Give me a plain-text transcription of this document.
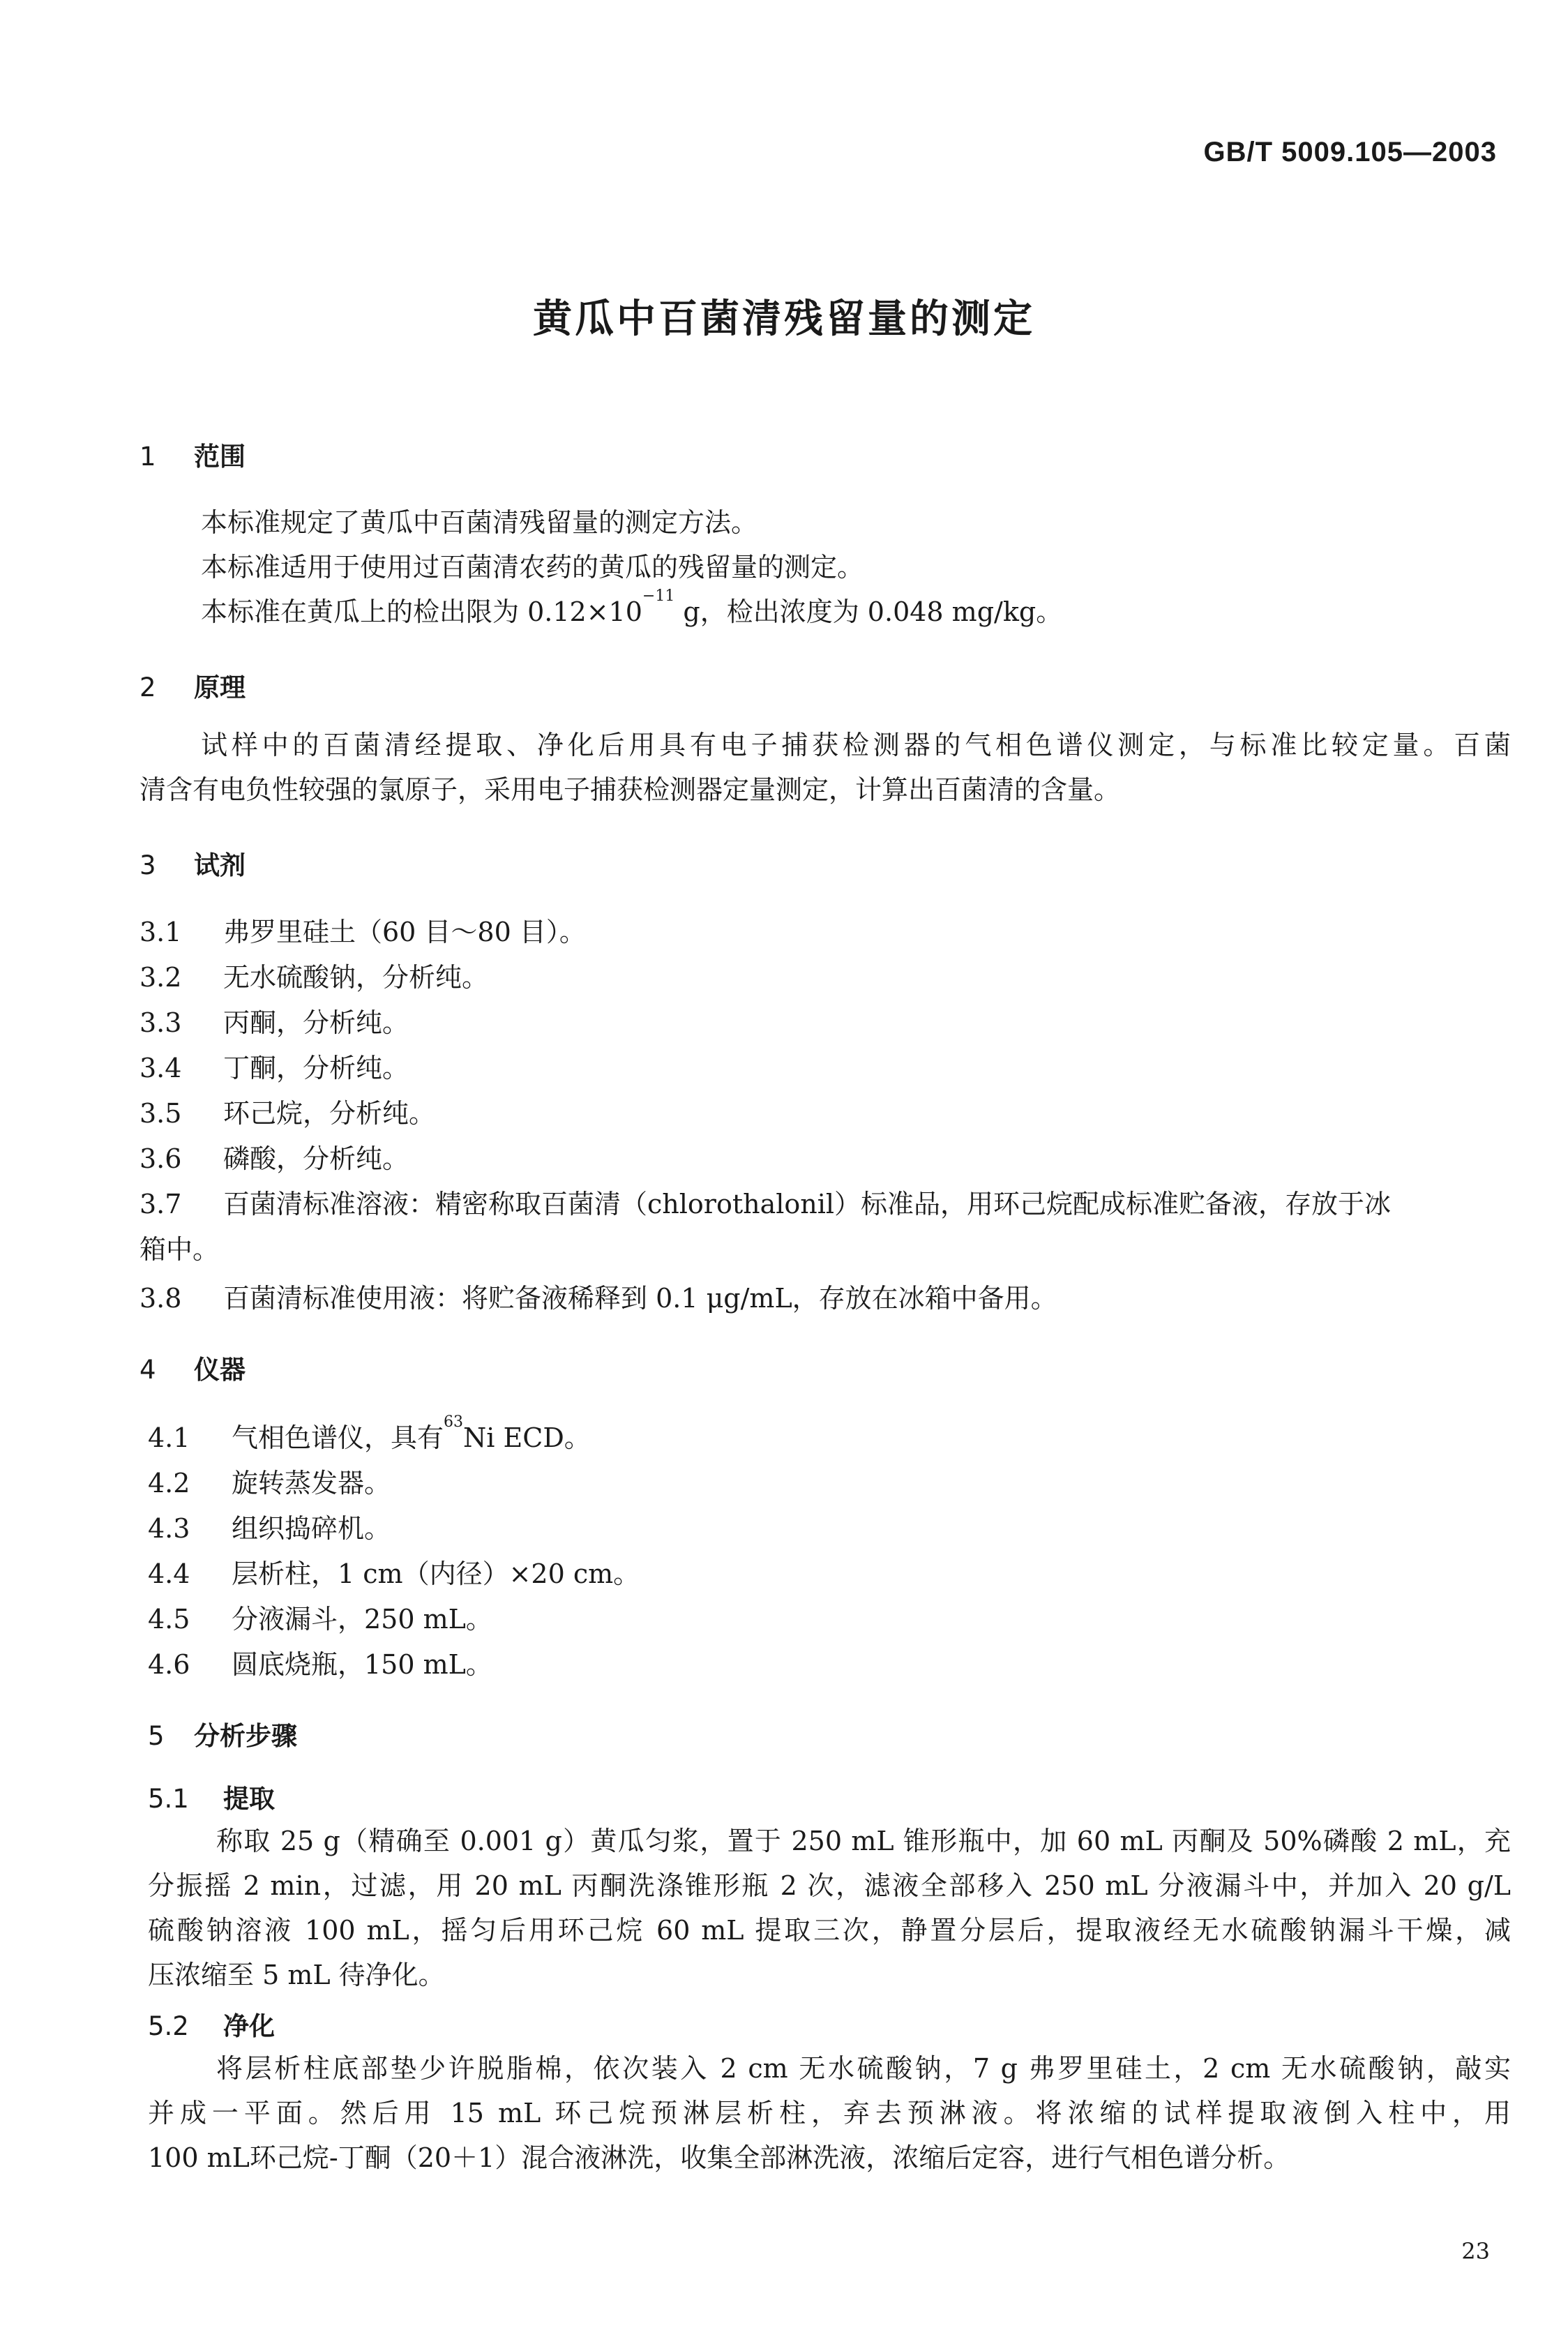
GB/T 5009.105—2003
黄瓜中百菌清残留量的测定
1 范围
本标准规定了黄瓜中百菌清残留量的测定方法。
本标准适用于使用过百菌清农药的黄瓜的残留量的测定。
本标准在黄瓜上的检出限为 $0.12\times 10^{-11}$ g，检出浓度为 0.048 mg/kg。
2 原理
试样中的百菌清经提取、净化后用具有电子捕获检测器的气相色谱仪测定，与标准比较定量。百菌
清含有电负性较强的氯原子，采用电子捕获检测器定量测定，计算出百菌清的含量。
3 试剂
3.1 弗罗里硅土（60 目～80 目）。
3.2 无水硫酸钠，分析纯。
3.3 丙酮，分析纯。
3.4 丁酮，分析纯。
3.5 环己烷，分析纯。
3.6 磷酸，分析纯。
3.7 百菌清标准溶液：精密称取百菌清（chlorothalonil）标准品，用环己烷配成标准贮备液，存放于冰
箱中。
3.8 百菌清标准使用液：将贮备液稀释到 0.1 μg/mL，存放在冰箱中备用。
4 仪器
4.1 气相色谱仪，具有$^{63}$Ni ECD。
4.2 旋转蒸发器。
4.3 组织捣碎机。
4.4 层析柱，1 cm（内径）×20 cm。
4.5 分液漏斗，250 mL。
4.6 圆底烧瓶，150 mL。
5 分析步骤
5.1 提取
称取 25 g（精确至 0.001 g）黄瓜匀浆，置于 250 mL 锥形瓶中，加 60 mL 丙酮及 50%磷酸 2 mL，充
分振摇 2 min，过滤，用 20 mL 丙酮洗涤锥形瓶 2 次，滤液全部移入 250 mL 分液漏斗中，并加入 20 g/L
硫酸钠溶液 100 mL，摇匀后用环己烷 60 mL 提取三次，静置分层后，提取液经无水硫酸钠漏斗干燥，减
压浓缩至 5 mL 待净化。
5.2 净化
将层析柱底部垫少许脱脂棉，依次装入 2 cm 无水硫酸钠，7 g 弗罗里硅土，2 cm 无水硫酸钠，敲实
并成一平面。然后用 15 mL 环己烷预淋层析柱，弃去预淋液。将浓缩的试样提取液倒入柱中，用
100 mL环己烷-丁酮（20＋1）混合液淋洗，收集全部淋洗液，浓缩后定容，进行气相色谱分析。
23
